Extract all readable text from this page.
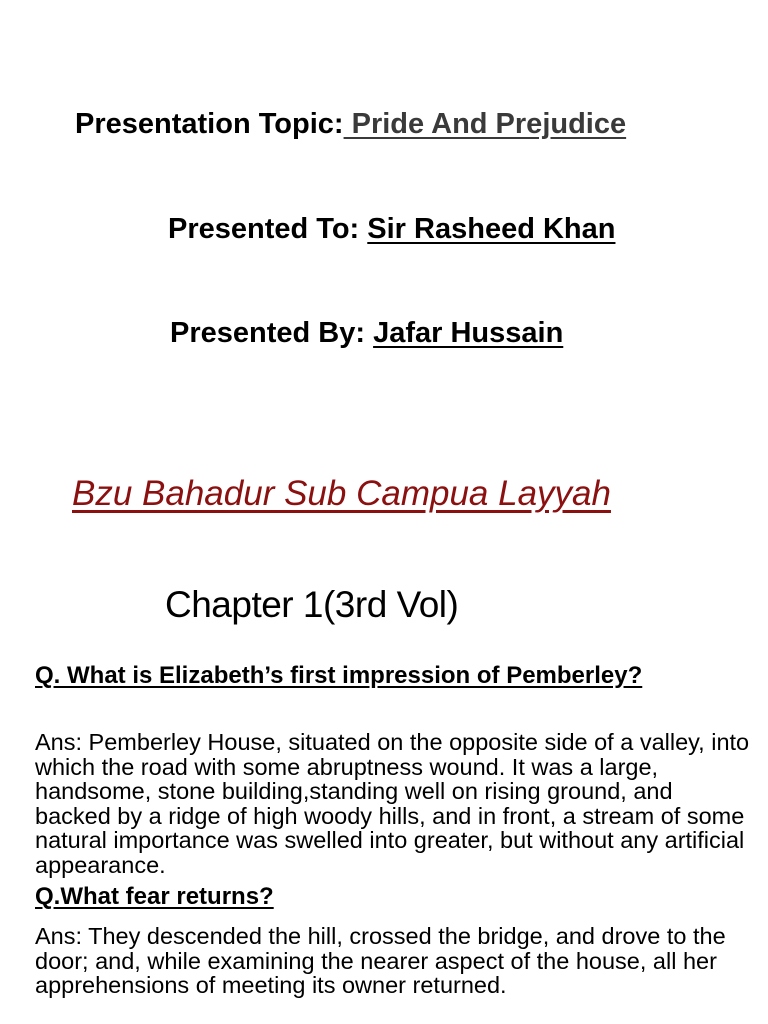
Presentation Topic: Pride And Prejudice
Presented To: Sir Rasheed Khan
Presented By: Jafar Hussain
Bzu Bahadur Sub Campua Layyah
Chapter 1(3rd Vol)
Q. What is Elizabeth’s first impression of Pemberley?
Ans: Pemberley House, situated on the opposite side of a valley, into which the road with some abruptness wound. It was a large, handsome, stone building,standing well on rising ground, and backed by a ridge of high woody hills, and in front, a stream of some natural importance was swelled into greater, but without any artificial appearance.
Q.What fear returns?
Ans: They descended the hill, crossed the bridge, and drove to the door; and, while examining the nearer aspect of the house, all her apprehensions of meeting its owner returned.
